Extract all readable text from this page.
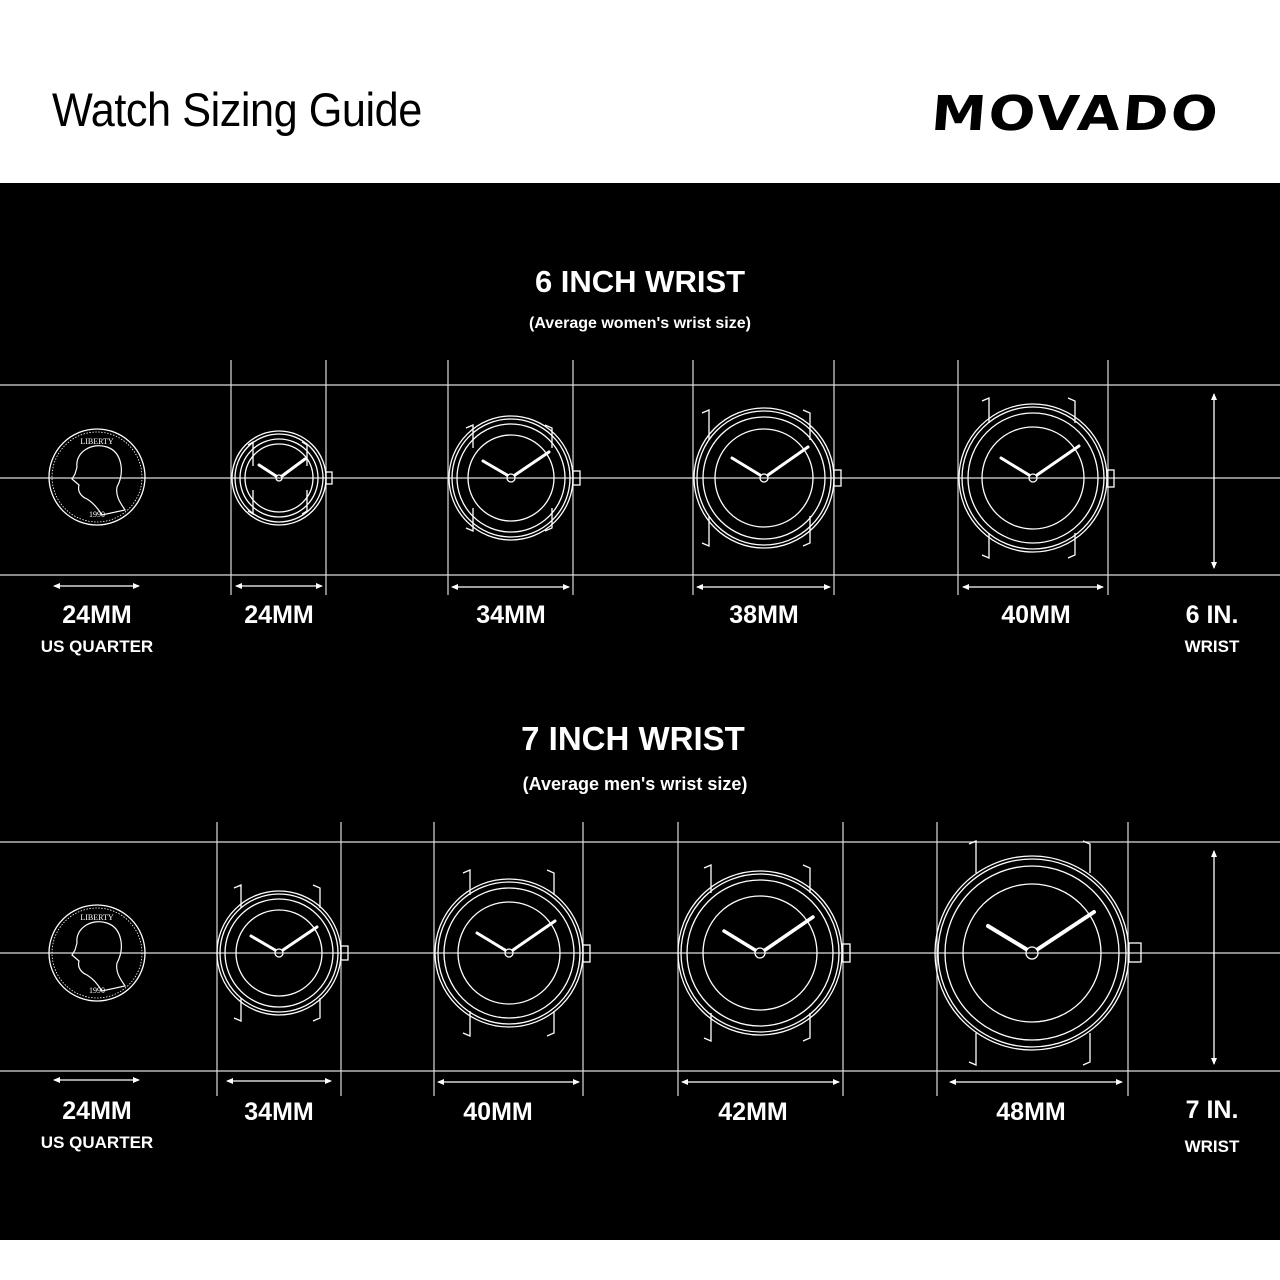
Watch Sizing Guide	MOVADO
6 INCH WRIST
(Average women's wrist size)
LIBERTY
1990
24MM
US QUARTER
24MM	34MM	38MM	40MM	6 IN.
WRIST
7 INCH WRIST
(Average men's wrist size)
LIBERTY
1990
24MM
US QUARTER
34MM	40MM	42MM	48MM	7 IN.
WRIST
